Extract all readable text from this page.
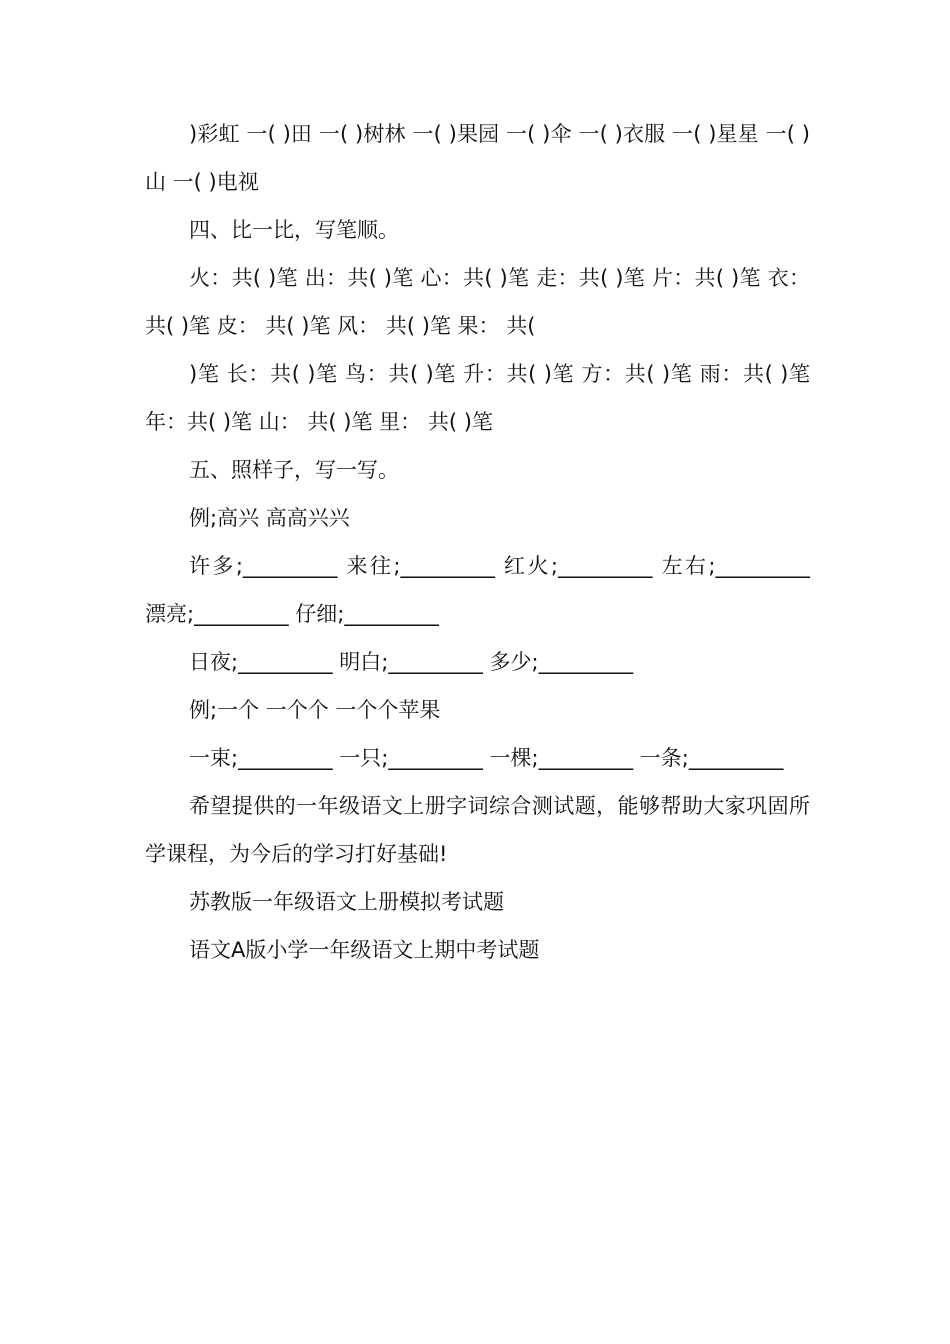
)彩虹 一( )田 一( )树林 一( )果园 一( )伞 一( )衣服 一( )星星 一( )山 一( )电视

四、比一比，写笔顺。

火：共( )笔 出：共( )笔 心：共( )笔 走：共( )笔 片：共( )笔 衣：共( )笔 皮： 共( )笔 风： 共( )笔 果： 共(

)笔 长：共( )笔 鸟：共( )笔 升：共( )笔 方：共( )笔 雨：共( )笔 年：共( )笔 山： 共( )笔 里： 共( )笔

五、照样子，写一写。

例;高兴 高高兴兴

许多;_________ 来往;_________ 红火;_________ 左右;_________ 漂亮;_________ 仔细;_________

日夜;_________ 明白;_________ 多少;_________

例;一个 一个个 一个个苹果

一束;_________ 一只;_________ 一棵;_________ 一条;_________

希望提供的一年级语文上册字词综合测试题，能够帮助大家巩固所学课程，为今后的学习打好基础!

苏教版一年级语文上册模拟考试题

语文A版小学一年级语文上期中考试题
